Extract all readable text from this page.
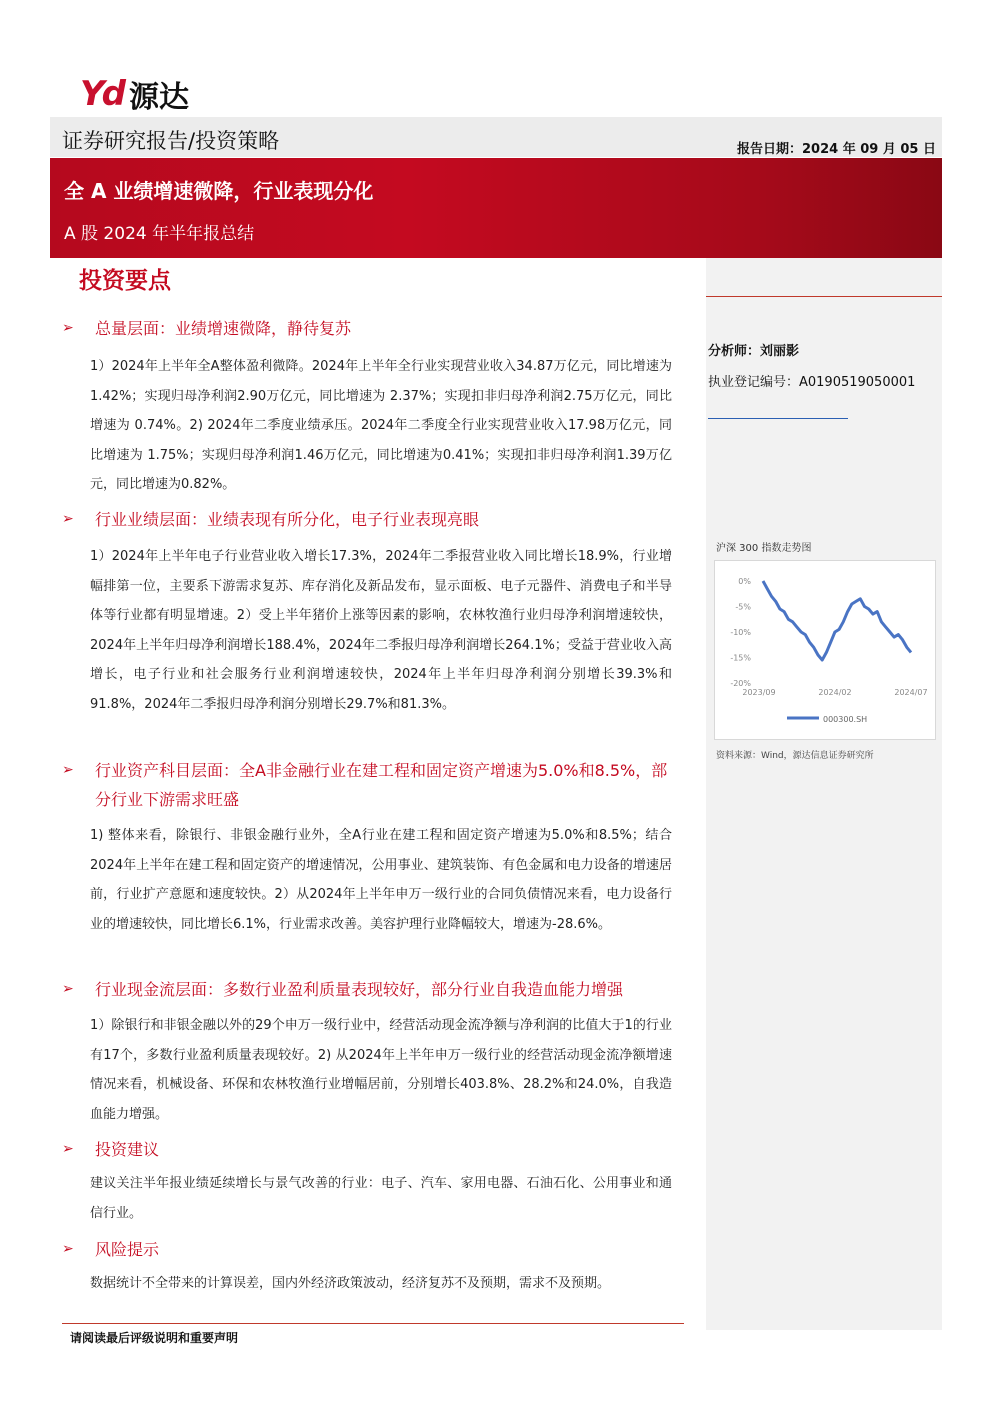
Yd 源达
证券研究报告/投资策略	报告日期：2024 年 09 月 05 日
全 A 业绩增速微降，行业表现分化
A 股 2024 年半年报总结
分析师：刘丽影
执业登记编号：A0190519050001
沪深 300 指数走势图
0%
-5%
-10%
-15%
-20%
2023/09	2024/02	2024/07
000300.SH
资料来源：Wind，源达信息证券研究所
投资要点
➢	总量层面：业绩增速微降，静待复苏
1）2024年上半年全A整体盈利微降。2024年上半年全行业实现营业收入34.87万亿元，同比增速为 1.42%；实现归母净利润2.90万亿元，同比增速为 2.37%；实现扣非归母净利润2.75万亿元，同比增速为 0.74%。2) 2024年二季度业绩承压。2024年二季度全行业实现营业收入17.98万亿元，同比增速为 1.75%；实现归母净利润1.46万亿元，同比增速为0.41%；实现扣非归母净利润1.39万亿元，同比增速为0.82%。
➢	行业业绩层面：业绩表现有所分化，电子行业表现亮眼
1）2024年上半年电子行业营业收入增长17.3%，2024年二季报营业收入同比增长18.9%，行业增幅排第一位，主要系下游需求复苏、库存消化及新品发布，显示面板、电子元器件、消费电子和半导体等行业都有明显增速。2）受上半年猪价上涨等因素的影响，农林牧渔行业归母净利润增速较快，2024年上半年归母净利润增长188.4%，2024年二季报归母净利润增长264.1%；受益于营业收入高增长，电子行业和社会服务行业利润增速较快，2024年上半年归母净利润分别增长39.3%和91.8%，2024年二季报归母净利润分别增长29.7%和81.3%。
➢	行业资产科目层面：全A非金融行业在建工程和固定资产增速为5.0%和8.5%，部分行业下游需求旺盛
1) 整体来看，除银行、非银金融行业外，全A行业在建工程和固定资产增速为5.0%和8.5%；结合2024年上半年在建工程和固定资产的增速情况，公用事业、建筑装饰、有色金属和电力设备的增速居前，行业扩产意愿和速度较快。2）从2024年上半年申万一级行业的合同负债情况来看，电力设备行业的增速较快，同比增长6.1%，行业需求改善。美容护理行业降幅较大，增速为-28.6%。
➢	行业现金流层面：多数行业盈利质量表现较好，部分行业自我造血能力增强
1）除银行和非银金融以外的29个申万一级行业中，经营活动现金流净额与净利润的比值大于1的行业有17个，多数行业盈利质量表现较好。2) 从2024年上半年申万一级行业的经营活动现金流净额增速情况来看，机械设备、环保和农林牧渔行业增幅居前，分别增长403.8%、28.2%和24.0%，自我造血能力增强。
➢	投资建议
建议关注半年报业绩延续增长与景气改善的行业：电子、汽车、家用电器、石油石化、公用事业和通信行业。
➢	风险提示
数据统计不全带来的计算误差，国内外经济政策波动，经济复苏不及预期，需求不及预期。
请阅读最后评级说明和重要声明
